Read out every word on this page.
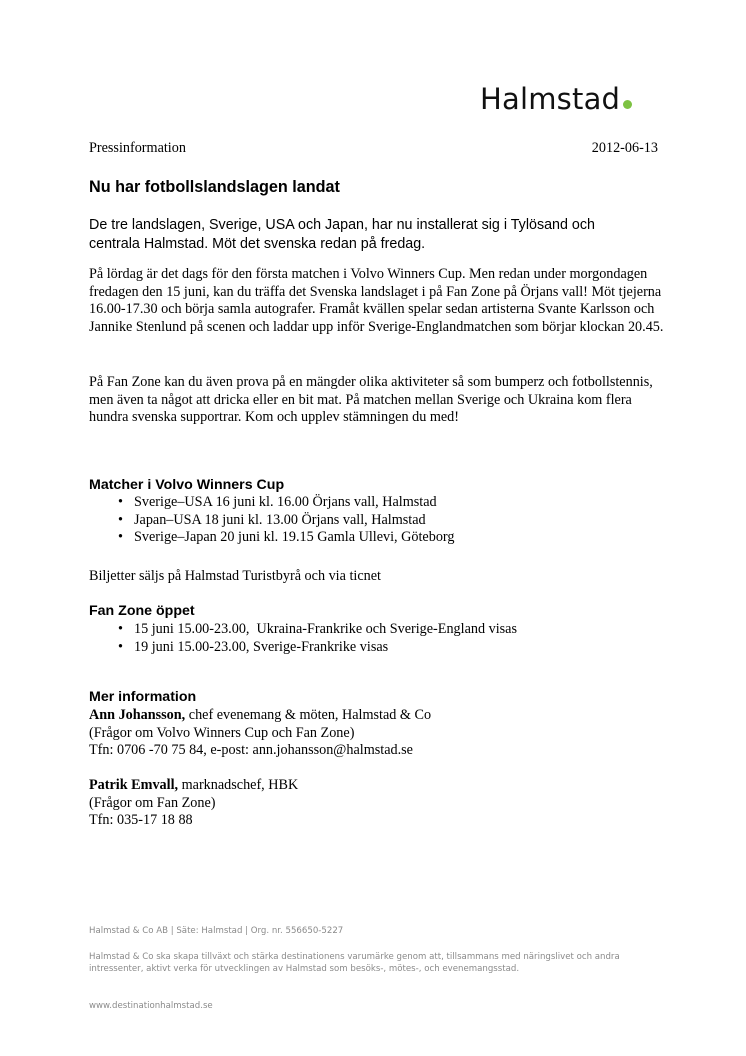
Halmstad
Pressinformation	2012-06-13
Nu har fotbollslandslagen landat
De tre landslagen, Sverige, USA och Japan, har nu installerat sig i Tylösand och centrala Halmstad. Möt det svenska redan på fredag.
På lördag är det dags för den första matchen i Volvo Winners Cup. Men redan under morgondagen fredagen den 15 juni, kan du träffa det Svenska landslaget i på Fan Zone på Örjans vall! Möt tjejerna 16.00-17.30 och börja samla autografer. Framåt kvällen spelar sedan artisterna Svante Karlsson och Jannike Stenlund på scenen och laddar upp inför Sverige-Englandmatchen som börjar klockan 20.45.
På Fan Zone kan du även prova på en mängder olika aktiviteter så som bumperz och fotbollstennis, men även ta något att dricka eller en bit mat. På matchen mellan Sverige och Ukraina kom flera hundra svenska supportrar. Kom och upplev stämningen du med!
Matcher i Volvo Winners Cup
• Sverige–USA 16 juni kl. 16.00 Örjans vall, Halmstad
• Japan–USA 18 juni kl. 13.00 Örjans vall, Halmstad
• Sverige–Japan 20 juni kl. 19.15 Gamla Ullevi, Göteborg
Biljetter säljs på Halmstad Turistbyrå och via ticnet
Fan Zone öppet
• 15 juni 15.00-23.00,  Ukraina-Frankrike och Sverige-England visas
• 19 juni 15.00-23.00, Sverige-Frankrike visas
Mer information
Ann Johansson, chef evenemang & möten, Halmstad & Co
(Frågor om Volvo Winners Cup och Fan Zone)
Tfn: 0706 -70 75 84, e-post: ann.johansson@halmstad.se
Patrik Emvall, marknadschef, HBK
(Frågor om Fan Zone)
Tfn: 035-17 18 88
Halmstad & Co AB | Säte: Halmstad | Org. nr. 556650-5227
Halmstad & Co ska skapa tillväxt och stärka destinationens varumärke genom att, tillsammans med näringslivet och andra intressenter, aktivt verka för utvecklingen av Halmstad som besöks-, mötes-, och evenemangsstad.
www.destinationhalmstad.se
